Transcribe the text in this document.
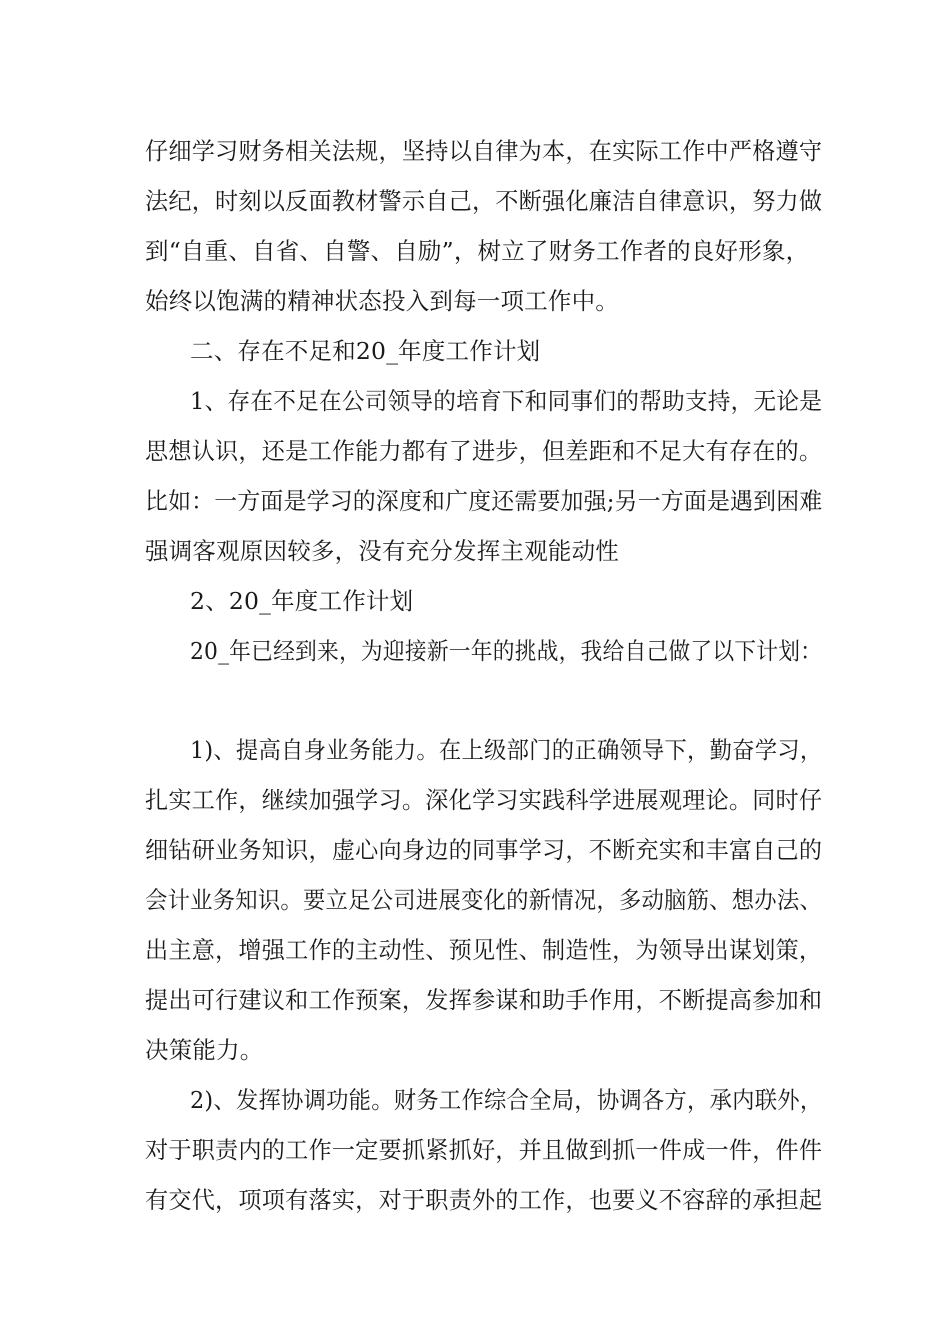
仔细学习财务相关法规，坚持以自律为本，在实际工作中严格遵守
法纪，时刻以反面教材警示自己，不断强化廉洁自律意识，努力做
到“自重、自省、自警、自励”，树立了财务工作者的良好形象，
始终以饱满的精神状态投入到每一项工作中。
二、存在不足和20_年度工作计划
1、存在不足在公司领导的培育下和同事们的帮助支持，无论是
思想认识，还是工作能力都有了进步，但差距和不足大有存在的。
比如：一方面是学习的深度和广度还需要加强;另一方面是遇到困难
强调客观原因较多，没有充分发挥主观能动性
2、20_年度工作计划
20_年已经到来，为迎接新一年的挑战，我给自己做了以下计划：
1)、提高自身业务能力。在上级部门的正确领导下，勤奋学习，
扎实工作，继续加强学习。深化学习实践科学进展观理论。同时仔
细钻研业务知识，虚心向身边的同事学习，不断充实和丰富自己的
会计业务知识。要立足公司进展变化的新情况，多动脑筋、想办法、
出主意，增强工作的主动性、预见性、制造性，为领导出谋划策，
提出可行建议和工作预案，发挥参谋和助手作用，不断提高参加和
决策能力。
2)、发挥协调功能。财务工作综合全局，协调各方，承内联外，
对于职责内的工作一定要抓紧抓好，并且做到抓一件成一件，件件
有交代，项项有落实，对于职责外的工作，也要义不容辞的承担起
